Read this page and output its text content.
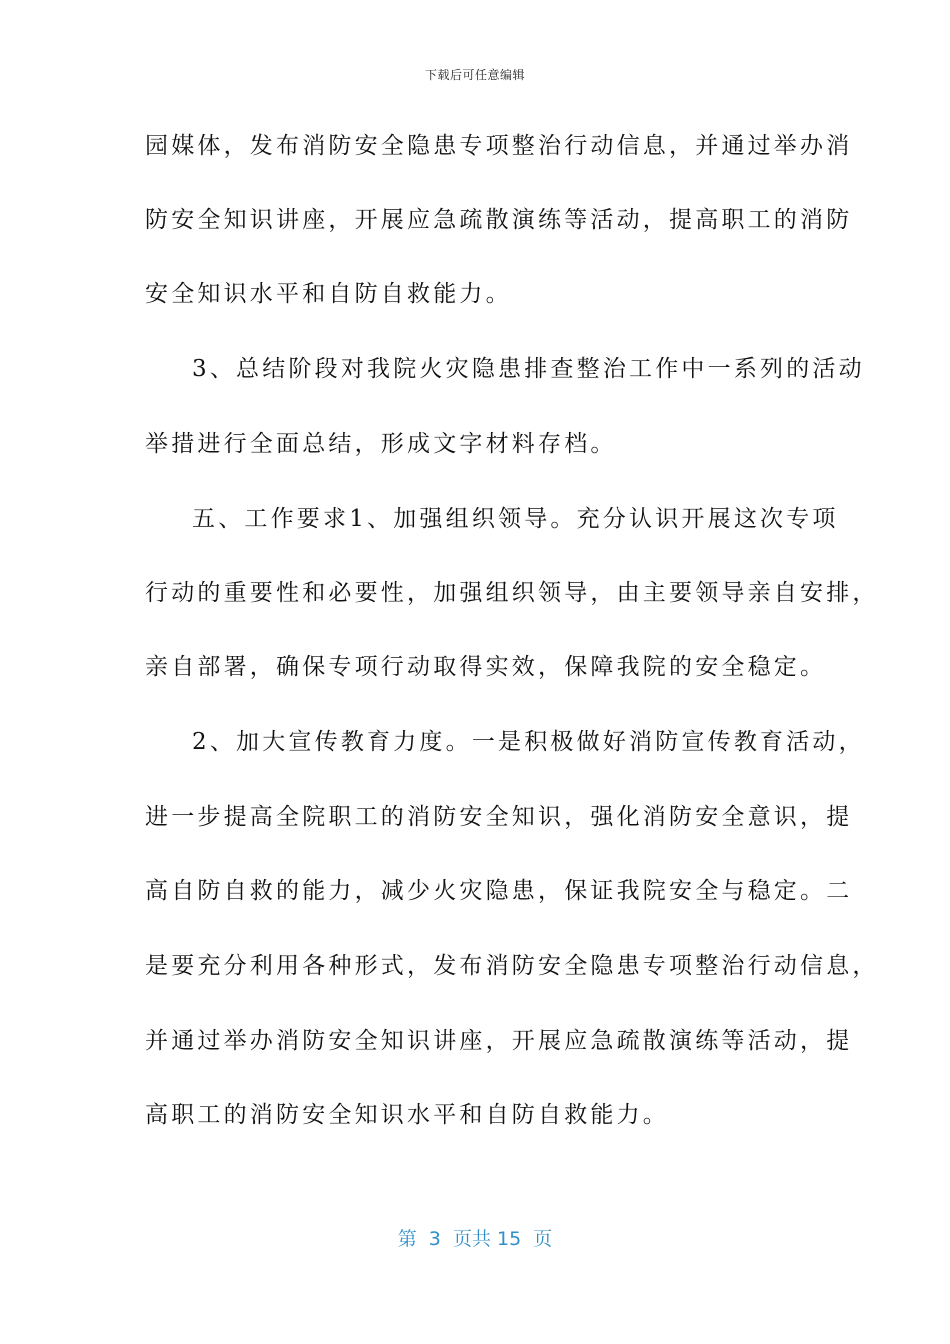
下载后可任意编辑
园媒体，发布消防安全隐患专项整治行动信息，并通过举办消
防安全知识讲座，开展应急疏散演练等活动，提高职工的消防
安全知识水平和自防自救能力。
3、总结阶段对我院火灾隐患排查整治工作中一系列的活动
举措进行全面总结，形成文字材料存档。
五、工作要求1、加强组织领导。充分认识开展这次专项
行动的重要性和必要性，加强组织领导，由主要领导亲自安排，
亲自部署，确保专项行动取得实效，保障我院的安全稳定。
2、加大宣传教育力度。一是积极做好消防宣传教育活动，
进一步提高全院职工的消防安全知识，强化消防安全意识，提
高自防自救的能力，减少火灾隐患，保证我院安全与稳定。二
是要充分利用各种形式，发布消防安全隐患专项整治行动信息，
并通过举办消防安全知识讲座，开展应急疏散演练等活动，提
高职工的消防安全知识水平和自防自救能力。
第  3  页共 15  页
